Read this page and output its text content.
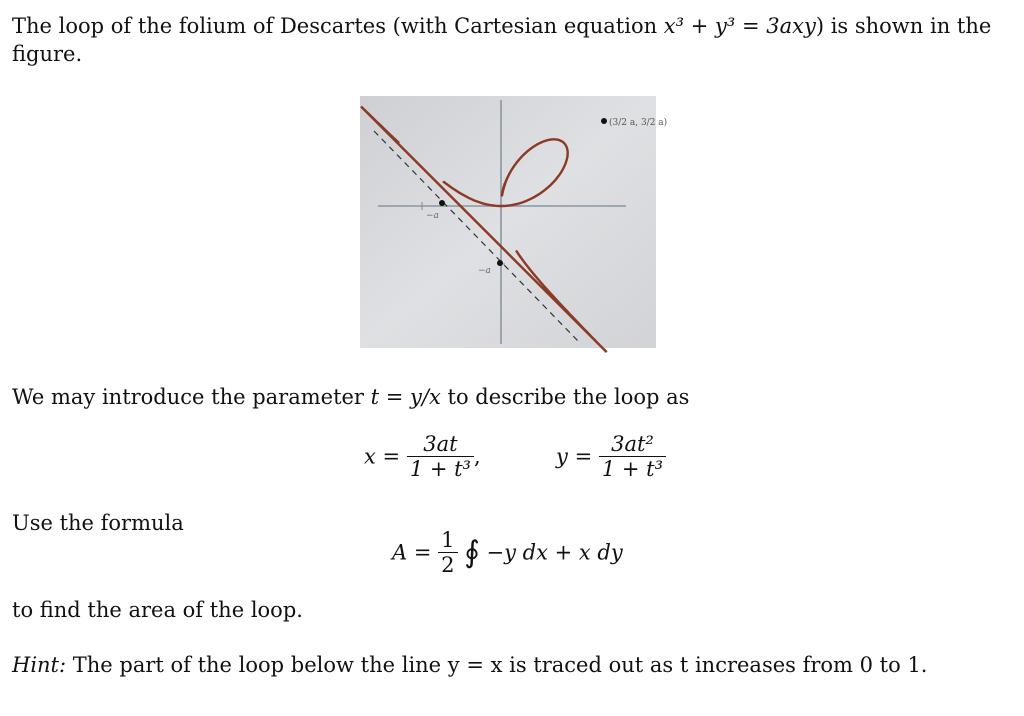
The loop of the folium of Descartes (with Cartesian equation x³ + y³ = 3axy) is shown in the
figure.
(3/2 a, 3/2 a)
−a
−a
We may introduce the parameter t = y/x to describe the loop as
$x = \frac{3at}{\text{1 + t³}}$ ,	$y = \frac{\text{3at²}}{\text{1 + t³}}$
Use the formula
$A = \frac{1}{2}$ ∮ −y dx + x dy
to find the area of the loop.
Hint: The part of the loop below the line y = x is traced out as t increases from 0 to 1.
